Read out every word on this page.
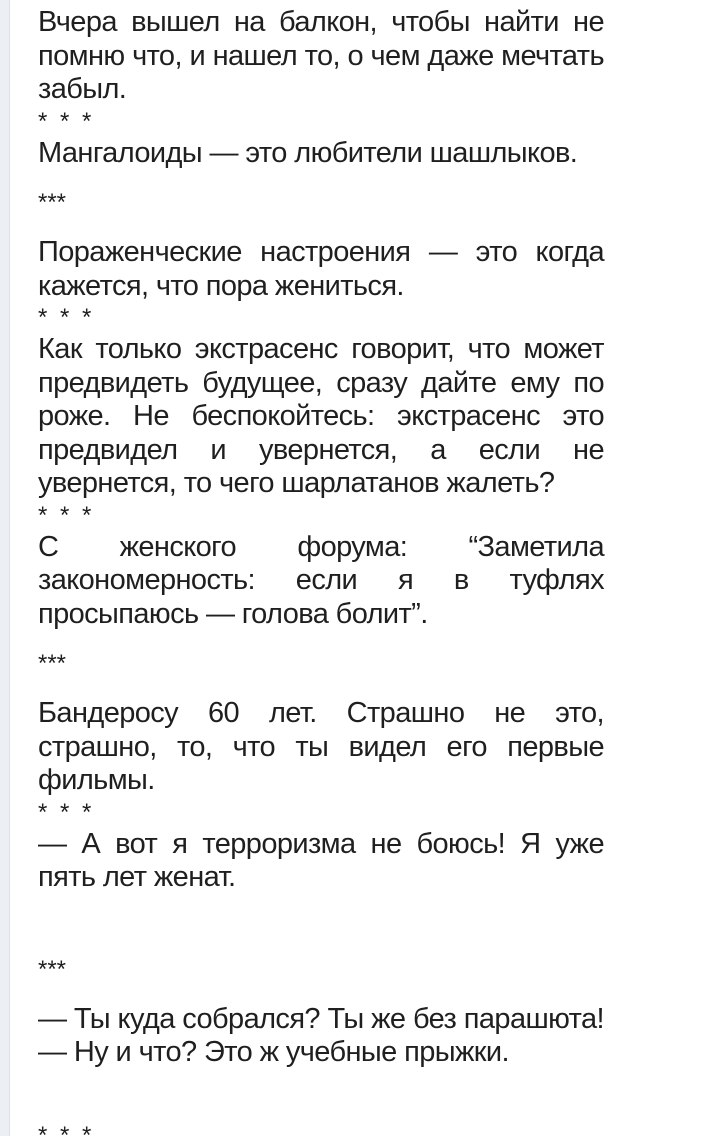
Вчера вышел на балкон, чтобы найти не помню что, и нашел то, о чем даже мечтать забыл.

* * *

Мангалоиды — это любители шашлыков.

***

Пораженческие настроения — это когда кажется, что пора жениться.

* * *

Как только экстрасенс говорит, что может предвидеть будущее, сразу дайте ему по роже. Не беспокойтесь: экстрасенс это предвидел и увернется, а если не увернется, то чего шарлатанов жалеть?

* * *

С женского форума: “Заметила закономерность: если я в туфлях просыпаюсь — голова болит”.

***

Бандеросу 60 лет. Страшно не это, страшно, то, что ты видел его первые фильмы.

* * *

— А вот я терроризма не боюсь! Я уже пять лет женат.

***

— Ты куда собрался? Ты же без парашюта!

— Ну и что? Это ж учебные прыжки.

* * *
